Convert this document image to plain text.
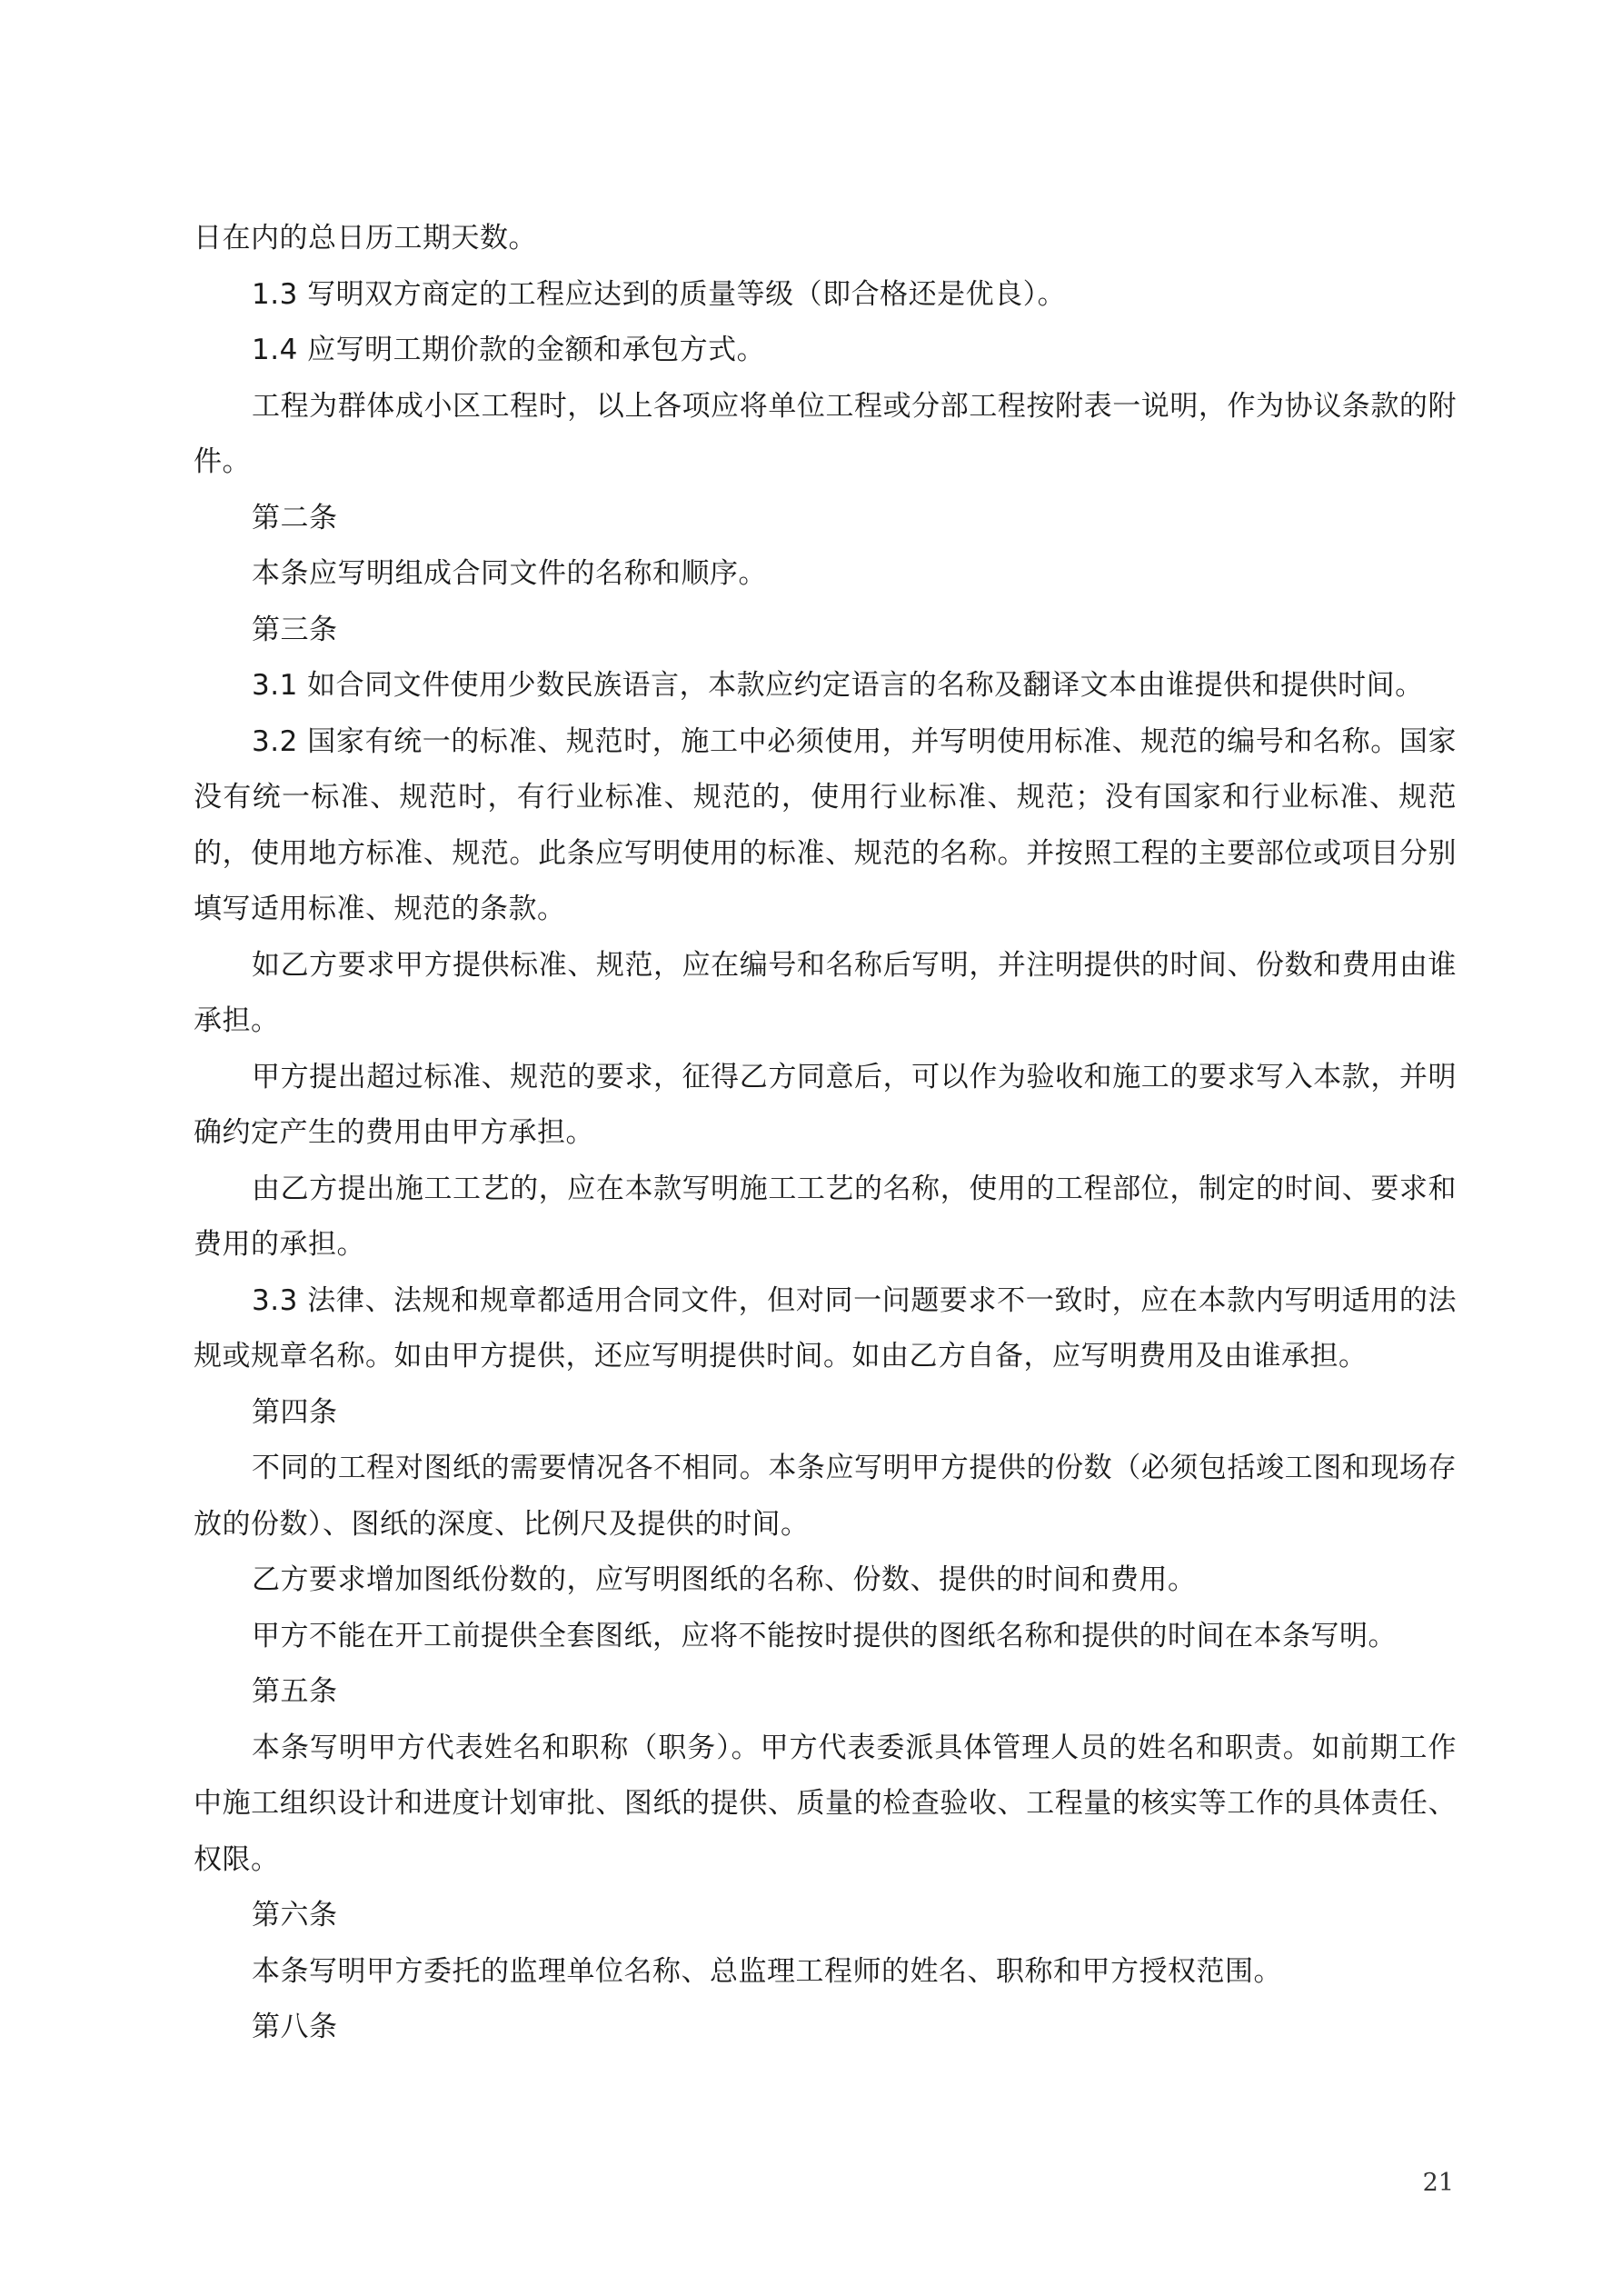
日在内的总日历工期天数。

1.3 写明双方商定的工程应达到的质量等级（即合格还是优良）。

1.4 应写明工期价款的金额和承包方式。

工程为群体成小区工程时，以上各项应将单位工程或分部工程按附表一说明，作为协议条款的附件。

第二条

本条应写明组成合同文件的名称和顺序。

第三条

3.1 如合同文件使用少数民族语言，本款应约定语言的名称及翻译文本由谁提供和提供时间。

3.2 国家有统一的标准、规范时，施工中必须使用，并写明使用标准、规范的编号和名称。国家没有统一标准、规范时，有行业标准、规范的，使用行业标准、规范；没有国家和行业标准、规范的，使用地方标准、规范。此条应写明使用的标准、规范的名称。并按照工程的主要部位或项目分别填写适用标准、规范的条款。

如乙方要求甲方提供标准、规范，应在编号和名称后写明，并注明提供的时间、份数和费用由谁承担。

甲方提出超过标准、规范的要求，征得乙方同意后，可以作为验收和施工的要求写入本款，并明确约定产生的费用由甲方承担。

由乙方提出施工工艺的，应在本款写明施工工艺的名称，使用的工程部位，制定的时间、要求和费用的承担。

3.3 法律、法规和规章都适用合同文件，但对同一问题要求不一致时，应在本款内写明适用的法规或规章名称。如由甲方提供，还应写明提供时间。如由乙方自备，应写明费用及由谁承担。

第四条

不同的工程对图纸的需要情况各不相同。本条应写明甲方提供的份数（必须包括竣工图和现场存放的份数）、图纸的深度、比例尺及提供的时间。

乙方要求增加图纸份数的，应写明图纸的名称、份数、提供的时间和费用。

甲方不能在开工前提供全套图纸，应将不能按时提供的图纸名称和提供的时间在本条写明。

第五条

本条写明甲方代表姓名和职称（职务）。甲方代表委派具体管理人员的姓名和职责。如前期工作中施工组织设计和进度计划审批、图纸的提供、质量的检查验收、工程量的核实等工作的具体责任、权限。

第六条

本条写明甲方委托的监理单位名称、总监理工程师的姓名、职称和甲方授权范围。

第八条

21
